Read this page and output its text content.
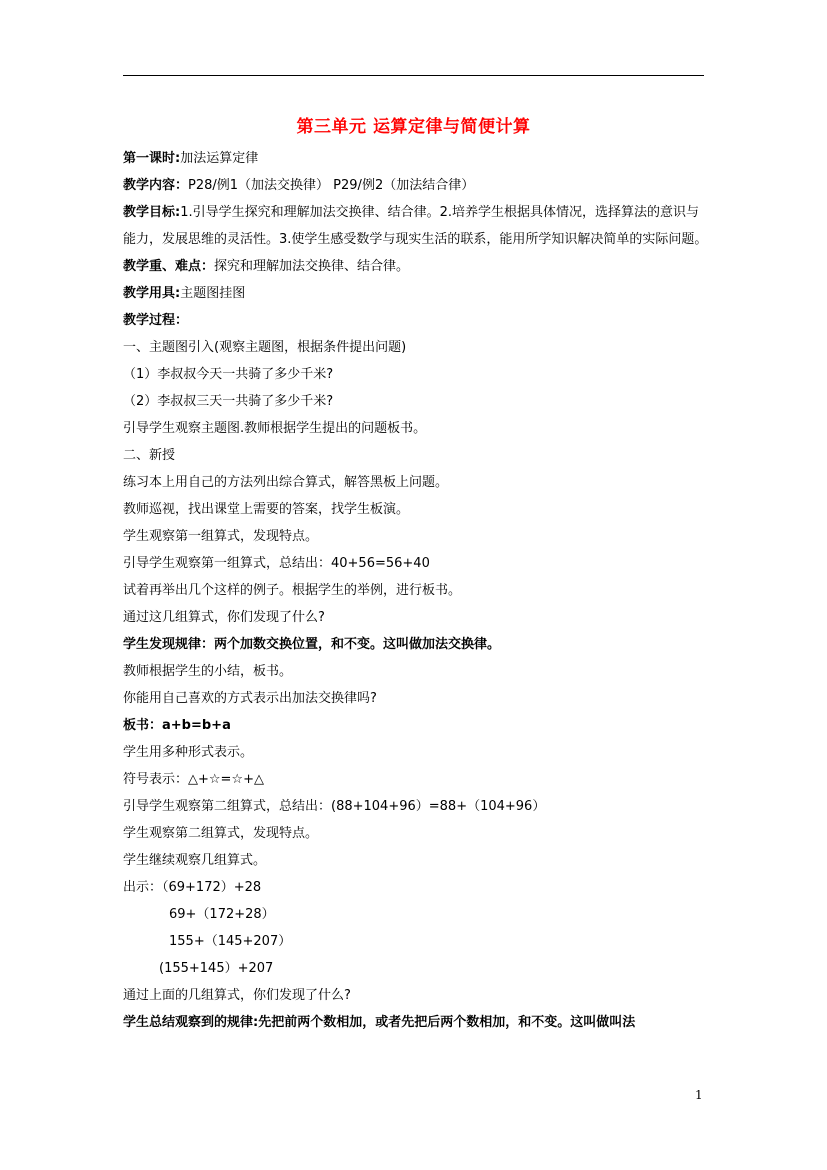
第三单元 运算定律与简便计算
第一课时:加法运算定律
教学内容：P28/例1（加法交换律） P29/例2（加法结合律）
教学目标:1.引导学生探究和理解加法交换律、结合律。2.培养学生根据具体情况，选择算法的意识与能力，发展思维的灵活性。3.使学生感受数学与现实生活的联系，能用所学知识解决简单的实际问题。
教学重、难点：探究和理解加法交换律、结合律。
教学用具:主题图挂图
教学过程：
一、主题图引入(观察主题图，根据条件提出问题)
（1）李叔叔今天一共骑了多少千米?
（2）李叔叔三天一共骑了多少千米?
引导学生观察主题图.教师根据学生提出的问题板书。
二、新授
练习本上用自己的方法列出综合算式，解答黑板上问题。
教师巡视，找出课堂上需要的答案，找学生板演。
学生观察第一组算式，发现特点。
引导学生观察第一组算式，总结出：40+56=56+40
试着再举出几个这样的例子。根据学生的举例，进行板书。
通过这几组算式，你们发现了什么?
学生发现规律：两个加数交换位置，和不变。这叫做加法交换律。
教师根据学生的小结，板书。
你能用自己喜欢的方式表示出加法交换律吗?
板书：a+b=b+a
学生用多种形式表示。
符号表示：△+☆=☆+△
引导学生观察第二组算式，总结出：(88+104+96）=88+（104+96）
学生观察第二组算式，发现特点。
学生继续观察几组算式。
出示：（69+172）+28
69+（172+28）
155+（145+207）
(155+145）+207
通过上面的几组算式，你们发现了什么?
学生总结观察到的规律:先把前两个数相加，或者先把后两个数相加，和不变。这叫做叫法
1
